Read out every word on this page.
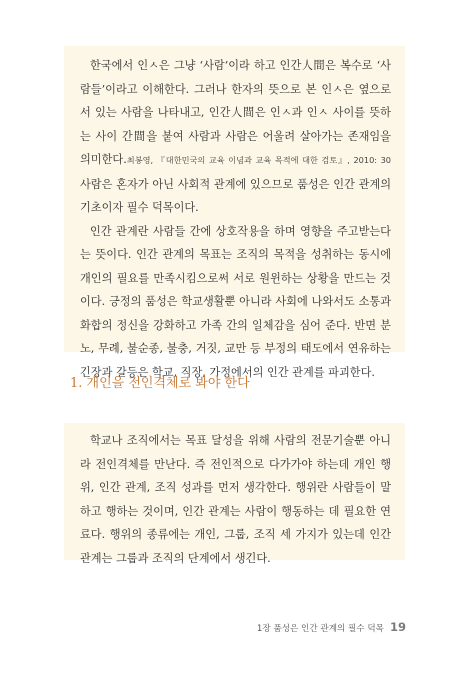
한국에서 인ㅅ은 그냥 ‘사람’이라 하고 인간人間은 복수로 ‘사람들’이라고 이해한다. 그러나 한자의 뜻으로 본 인ㅅ은 옆으로 서 있는 사람을 나타내고, 인간人間은 인ㅅ과 인ㅅ 사이를 뜻하는 사이 간間을 붙여 사람과 사람은 어울려 살아가는 존재임을 의미한다.최봉영, 『대한민국의 교육 이념과 교육 목적에 대한 검토』, 2010: 30 사람은 혼자가 아닌 사회적 관계에 있으므로 품성은 인간 관계의 기초이자 필수 덕목이다.

인간 관계란 사람들 간에 상호작용을 하며 영향을 주고받는다는 뜻이다. 인간 관계의 목표는 조직의 목적을 성취하는 동시에 개인의 필요를 만족시킴으로써 서로 원윈하는 상황을 만드는 것이다. 긍정의 품성은 학교생활뿐 아니라 사회에 나와서도 소통과 화합의 정신을 강화하고 가족 간의 일체감을 심어 준다. 반면 분노, 무례, 불순종, 불충, 거짓, 교만 등 부정의 태도에서 연유하는 긴장과 갈등은 학교, 직장, 가정에서의 인간 관계를 파괴한다.

1. 개인을 전인격체로 봐야 한다

학교나 조직에서는 목표 달성을 위해 사람의 전문기술뿐 아니라 전인격체를 만난다. 즉 전인적으로 다가가야 하는데 개인 행위, 인간 관계, 조직 성과를 먼저 생각한다. 행위란 사람들이 말하고 행하는 것이며, 인간 관계는 사람이 행동하는 데 필요한 연료다. 행위의 종류에는 개인, 그룹, 조직 세 가지가 있는데 인간 관계는 그룹과 조직의 단계에서 생긴다.

1장 품성은 인간 관계의 필수 덕목 19
